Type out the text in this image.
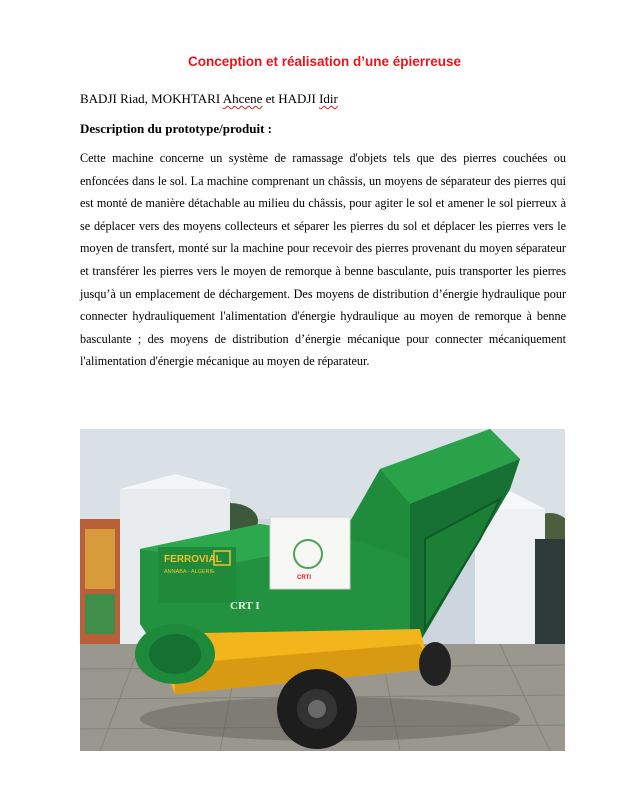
Conception et réalisation d’une épierreuse
BADJI Riad, MOKHTARI Ahcene et HADJI Idir
Description du prototype/produit :
Cette machine concerne un système de ramassage d'objets tels que des pierres couchées ou enfoncées dans le sol. La machine comprenant un châssis, un moyens de séparateur des pierres qui est monté de manière détachable au milieu du châssis, pour agiter le sol et amener le sol pierreux à se déplacer vers des moyens collecteurs et séparer les pierres du sol et déplacer les pierres vers le moyen de transfert, monté sur la machine pour recevoir des pierres provenant du moyen séparateur et transférer les pierres vers le moyen de remorque à benne basculante, puis transporter les pierres jusqu’à un emplacement de déchargement. Des moyens de distribution d’énergie hydraulique pour connecter hydrauliquement l'alimentation d'énergie hydraulique au moyen de remorque à benne basculante ; des moyens de distribution d’énergie mécanique pour connecter mécaniquement l'alimentation d'énergie mécanique au moyen de réparateur.
FERROVIAL
ANNABA - ALGERIE
CRT I
CRTI
